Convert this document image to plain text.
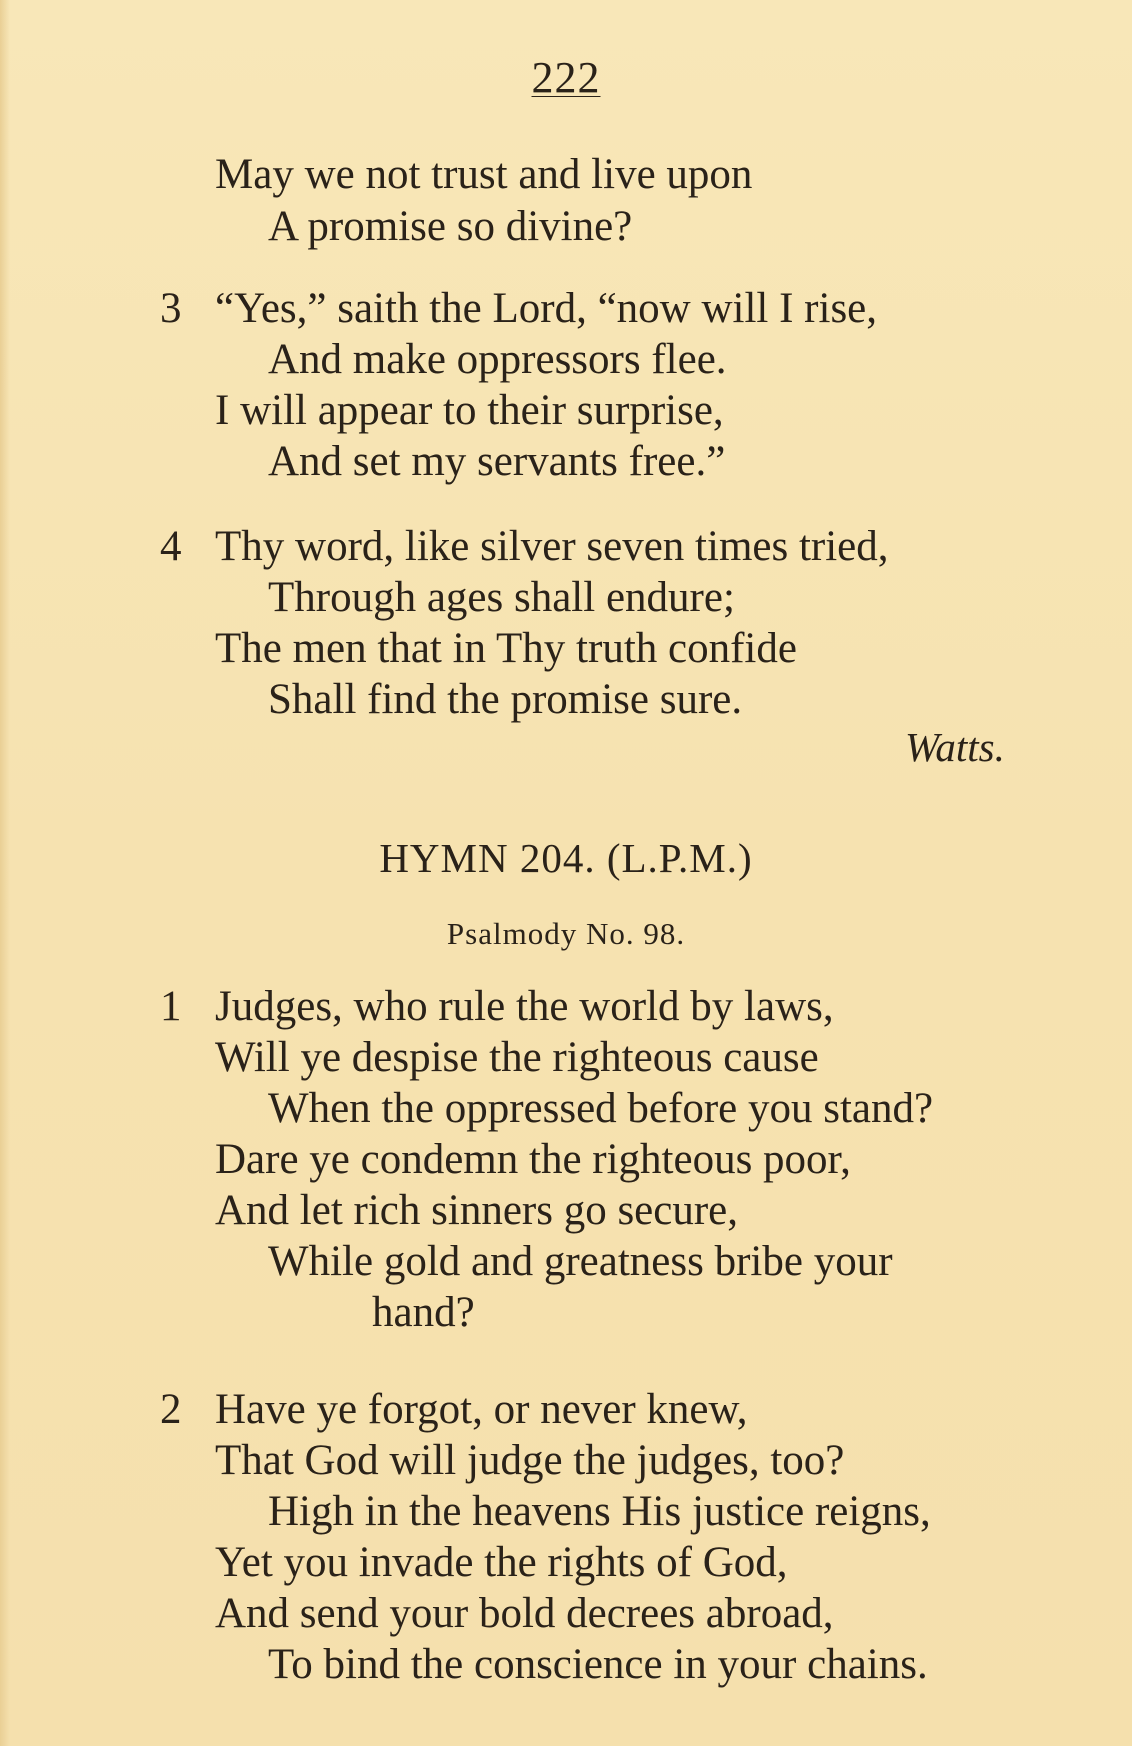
222
May we not trust and live upon
A promise so divine?
3 “Yes,” saith the Lord, “now will I rise,
And make oppressors flee.
I will appear to their surprise,
And set my servants free.”
4 Thy word, like silver seven times tried,
Through ages shall endure;
The men that in Thy truth confide
Shall find the promise sure.
Watts.
HYMN 204. (L.P.M.)
Psalmody No. 98.
1 Judges, who rule the world by laws,
Will ye despise the righteous cause
When the oppressed before you stand?
Dare ye condemn the righteous poor,
And let rich sinners go secure,
While gold and greatness bribe your
hand?
2 Have ye forgot, or never knew,
That God will judge the judges, too?
High in the heavens His justice reigns,
Yet you invade the rights of God,
And send your bold decrees abroad,
To bind the conscience in your chains.
